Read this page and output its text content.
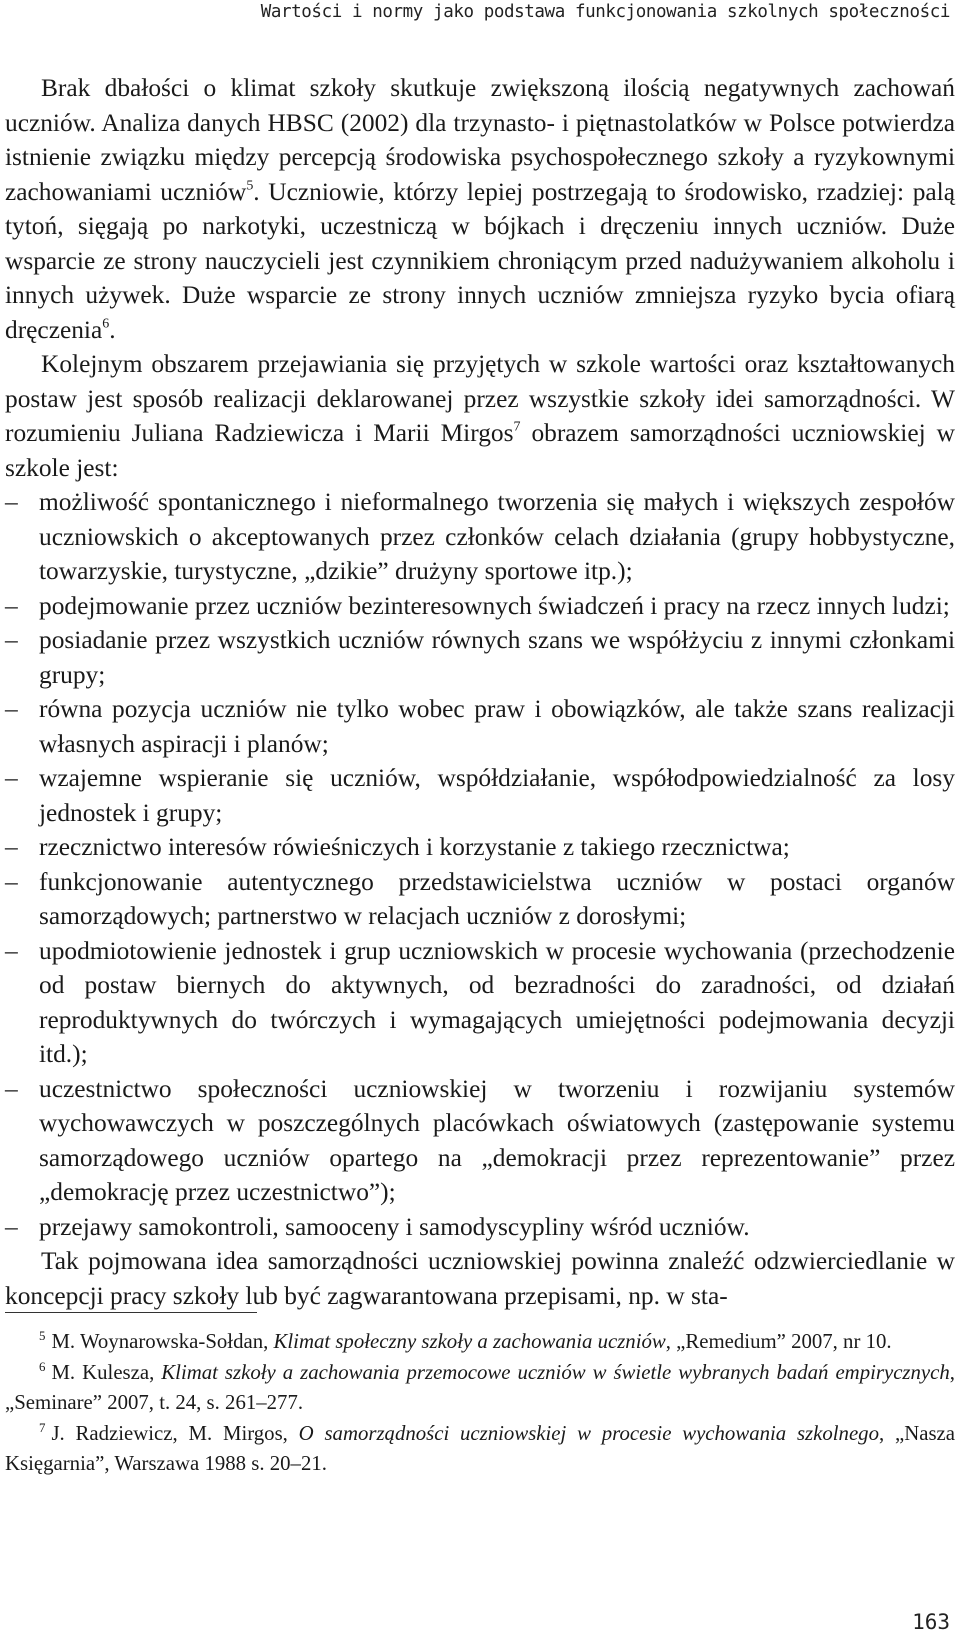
Wartości i normy jako podstawa funkcjonowania szkolnych społeczności

Brak dbałości o klimat szkoły skutkuje zwiększoną ilością negatywnych zachowań uczniów. Analiza danych HBSC (2002) dla trzynasto- i piętnastolatków w Polsce potwierdza istnienie związku między percepcją środowiska psychospołecznego szkoły a ryzykownymi zachowaniami uczniów$^5$. Uczniowie, którzy lepiej postrzegają to środowisko, rzadziej: palą tytoń, sięgają po narkotyki, uczestniczą w bójkach i dręczeniu innych uczniów. Duże wsparcie ze strony nauczycieli jest czynnikiem chroniącym przed nadużywaniem alkoholu i innych używek. Duże wsparcie ze strony innych uczniów zmniejsza ryzyko bycia ofiarą dręczenia$^6$.

Kolejnym obszarem przejawiania się przyjętych w szkole wartości oraz kształtowanych postaw jest sposób realizacji deklarowanej przez wszystkie szkoły idei samorządności. W rozumieniu Juliana Radziewicza i Marii Mirgos$^7$ obrazem samorządności uczniowskiej w szkole jest:

– możliwość spontanicznego i nieformalnego tworzenia się małych i większych zespołów uczniowskich o akceptowanych przez członków celach działania (grupy hobbystyczne, towarzyskie, turystyczne, „dzikie” drużyny sportowe itp.);
– podejmowanie przez uczniów bezinteresownych świadczeń i pracy na rzecz innych ludzi;
– posiadanie przez wszystkich uczniów równych szans we współżyciu z innymi członkami grupy;
– równa pozycja uczniów nie tylko wobec praw i obowiązków, ale także szans realizacji własnych aspiracji i planów;
– wzajemne wspieranie się uczniów, współdziałanie, współodpowiedzialność za losy jednostek i grupy;
– rzecznictwo interesów rówieśniczych i korzystanie z takiego rzecznictwa;
– funkcjonowanie autentycznego przedstawicielstwa uczniów w postaci organów samorządowych; partnerstwo w relacjach uczniów z dorosłymi;
– upodmiotowienie jednostek i grup uczniowskich w procesie wychowania (przechodzenie od postaw biernych do aktywnych, od bezradności do zaradności, od działań reproduktywnych do twórczych i wymagających umiejętności podejmowania decyzji itd.);
– uczestnictwo społeczności uczniowskiej w tworzeniu i rozwijaniu systemów wychowawczych w poszczególnych placówkach oświatowych (zastępowanie systemu samorządowego uczniów opartego na „demokracji przez reprezentowanie” przez „demokrację przez uczestnictwo”);
– przejawy samokontroli, samooceny i samodyscypliny wśród uczniów.

Tak pojmowana idea samorządności uczniowskiej powinna znaleźć odzwierciedlanie w koncepcji pracy szkoły lub być zagwarantowana przepisami, np. w sta-

$^5$ M. Woynarowska-Sołdan, Klimat społeczny szkoły a zachowania uczniów, „Remedium” 2007, nr 10.

$^6$ M. Kulesza, Klimat szkoły a zachowania przemocowe uczniów w świetle wybranych badań empirycznych, „Seminare” 2007, t. 24, s. 261–277.

$^7$ J. Radziewicz, M. Mirgos, O samorządności uczniowskiej w procesie wychowania szkolnego, „Nasza Księgarnia”, Warszawa 1988 s. 20–21.

163
